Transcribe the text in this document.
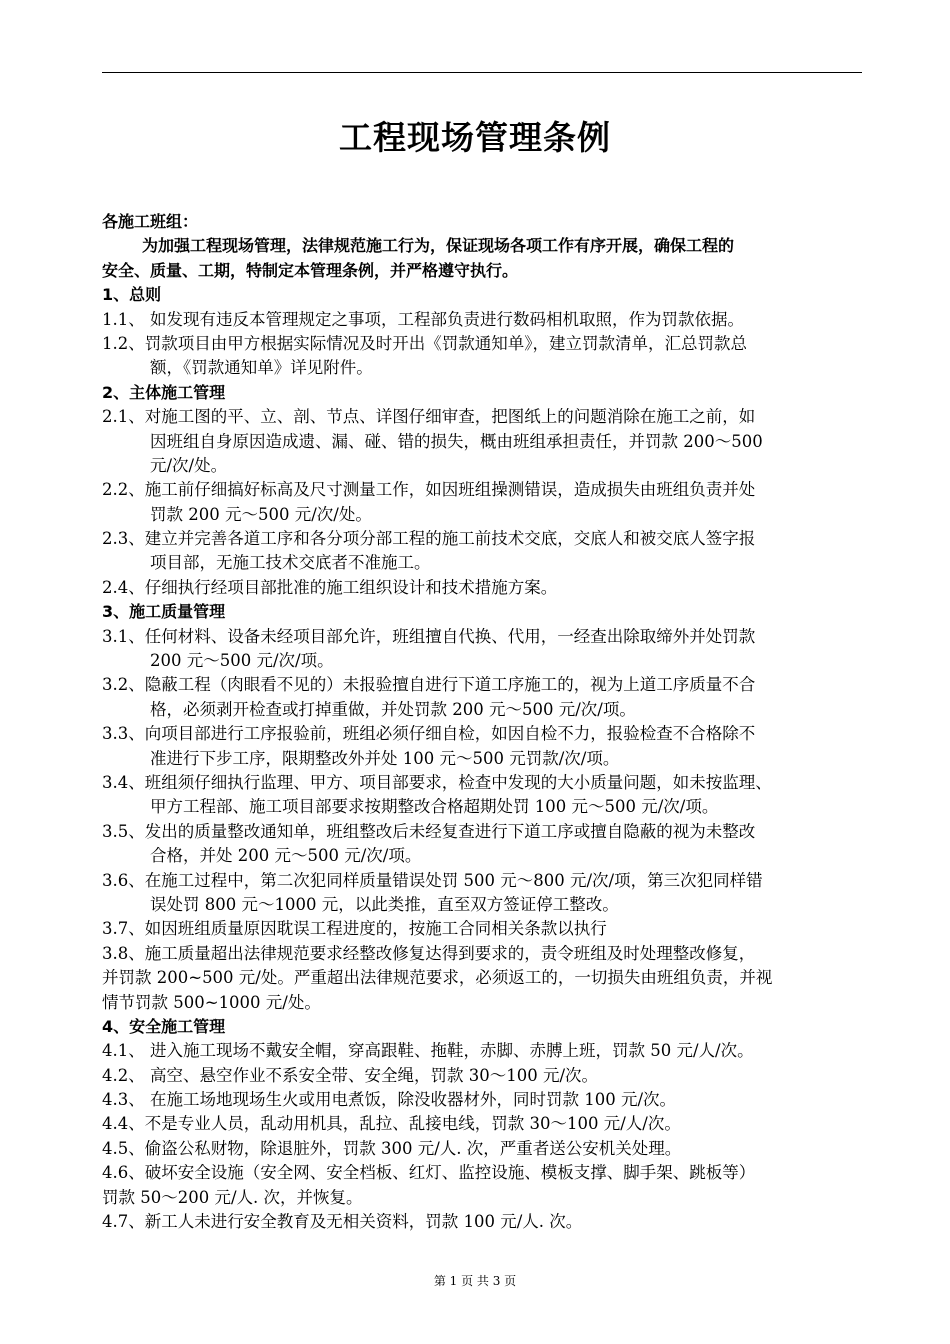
工程现场管理条例
各施工班组：
为加强工程现场管理，法律规范施工行为，保证现场各项工作有序开展，确保工程的
安全、质量、工期，特制定本管理条例，并严格遵守执行。
1、总则
1.1、 如发现有违反本管理规定之事项，工程部负责进行数码相机取照，作为罚款依据。
1.2、罚款项目由甲方根据实际情况及时开出《罚款通知单》，建立罚款清单，汇总罚款总
额，《罚款通知单》详见附件。
2、主体施工管理
2.1、对施工图的平、立、剖、节点、详图仔细审查，把图纸上的问题消除在施工之前，如
因班组自身原因造成遗、漏、碰、错的损失，概由班组承担责任，并罚款 200～500
元/次/处。
2.2、施工前仔细搞好标高及尺寸测量工作，如因班组操测错误，造成损失由班组负责并处
罚款 200 元～500 元/次/处。
2.3、建立并完善各道工序和各分项分部工程的施工前技术交底，交底人和被交底人签字报
项目部，无施工技术交底者不准施工。
2.4、仔细执行经项目部批准的施工组织设计和技术措施方案。
3、施工质量管理
3.1、任何材料、设备未经项目部允许，班组擅自代换、代用，一经查出除取缔外并处罚款
200 元～500 元/次/项。
3.2、隐蔽工程（肉眼看不见的）未报验擅自进行下道工序施工的，视为上道工序质量不合
格，必须剥开检查或打掉重做，并处罚款 200 元～500 元/次/项。
3.3、向项目部进行工序报验前，班组必须仔细自检，如因自检不力，报验检查不合格除不
准进行下步工序，限期整改外并处 100 元～500 元罚款/次/项。
3.4、班组须仔细执行监理、甲方、项目部要求，检查中发现的大小质量问题，如未按监理、
甲方工程部、施工项目部要求按期整改合格超期处罚 100 元～500 元/次/项。
3.5、发出的质量整改通知单，班组整改后未经复查进行下道工序或擅自隐蔽的视为未整改
合格，并处 200 元～500 元/次/项。
3.6、在施工过程中，第二次犯同样质量错误处罚 500 元～800 元/次/项，第三次犯同样错
误处罚 800 元～1000 元，以此类推，直至双方签证停工整改。
3.7、如因班组质量原因耽误工程进度的，按施工合同相关条款以执行
3.8、施工质量超出法律规范要求经整改修复达得到要求的，责令班组及时处理整改修复，
并罚款 200~500 元/处。严重超出法律规范要求，必须返工的，一切损失由班组负责，并视
情节罚款 500~1000 元/处。
4、安全施工管理
4.1、 进入施工现场不戴安全帽，穿高跟鞋、拖鞋，赤脚、赤膊上班，罚款 50 元/人/次。
4.2、 高空、悬空作业不系安全带、安全绳，罚款 30～100 元/次。
4.3、 在施工场地现场生火或用电煮饭，除没收器材外，同时罚款 100 元/次。
4.4、不是专业人员，乱动用机具，乱拉、乱接电线，罚款 30～100 元/人/次。
4.5、偷盗公私财物，除退脏外，罚款 300 元/人. 次，严重者送公安机关处理。
4.6、破坏安全设施（安全网、安全档板、红灯、监控设施、模板支撑、脚手架、跳板等）
罚款 50～200 元/人. 次，并恢复。
4.7、新工人未进行安全教育及无相关资料，罚款 100 元/人. 次。
第 1 页 共 3 页
